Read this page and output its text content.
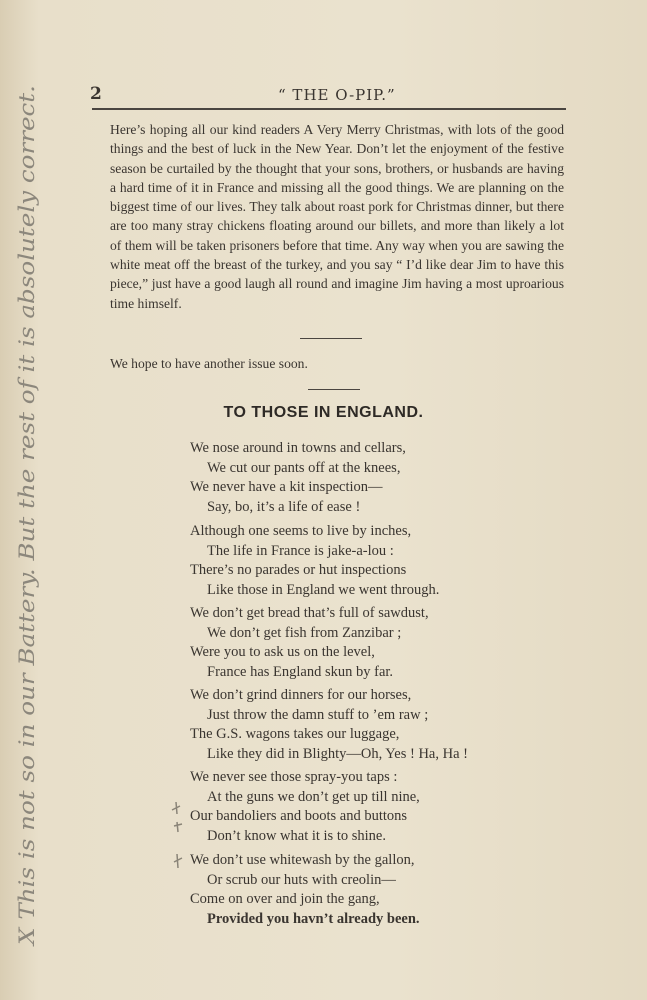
2	“ THE O-PIP.”
Here’s hoping all our kind readers A Very Merry Christmas, with lots of the good things and the best of luck in the New Year. Don’t let the enjoyment of the festive season be curtailed by the thought that your sons, brothers, or husbands are having a hard time of it in France and missing all the good things. We are planning on the biggest time of our lives. They talk about roast pork for Christmas dinner, but there are too many stray chickens floating around our billets, and more than likely a lot of them will be taken prisoners before that time. Any way when you are sawing the white meat off the breast of the turkey, and you say “ I’d like dear Jim to have this piece,” just have a good laugh all round and imagine Jim having a most uproarious time himself.
We hope to have another issue soon.
TO THOSE IN ENGLAND.
We nose around in towns and cellars,
We cut our pants off at the knees,
We never have a kit inspection—
Say, bo, it’s a life of ease !
Although one seems to live by inches,
The life in France is jake-a-lou :
There’s no parades or hut inspections
Like those in England we went through.
We don’t get bread that’s full of sawdust,
We don’t get fish from Zanzibar ;
Were you to ask us on the level,
France has England skun by far.
We don’t grind dinners for our horses,
Just throw the damn stuff to ’em raw ;
The G.S. wagons takes our luggage,
Like they did in Blighty—Oh, Yes ! Ha, Ha !
We never see those spray-you taps :
At the guns we don’t get up till nine,
Our bandoliers and boots and buttons
Don’t know what it is to shine.
We don’t use whitewash by the gallon,
Or scrub our huts with creolin—
Come on over and join the gang,
Provided you havn’t already been.
X This is not so in our Battery. But the rest of it is absolutely correct.
